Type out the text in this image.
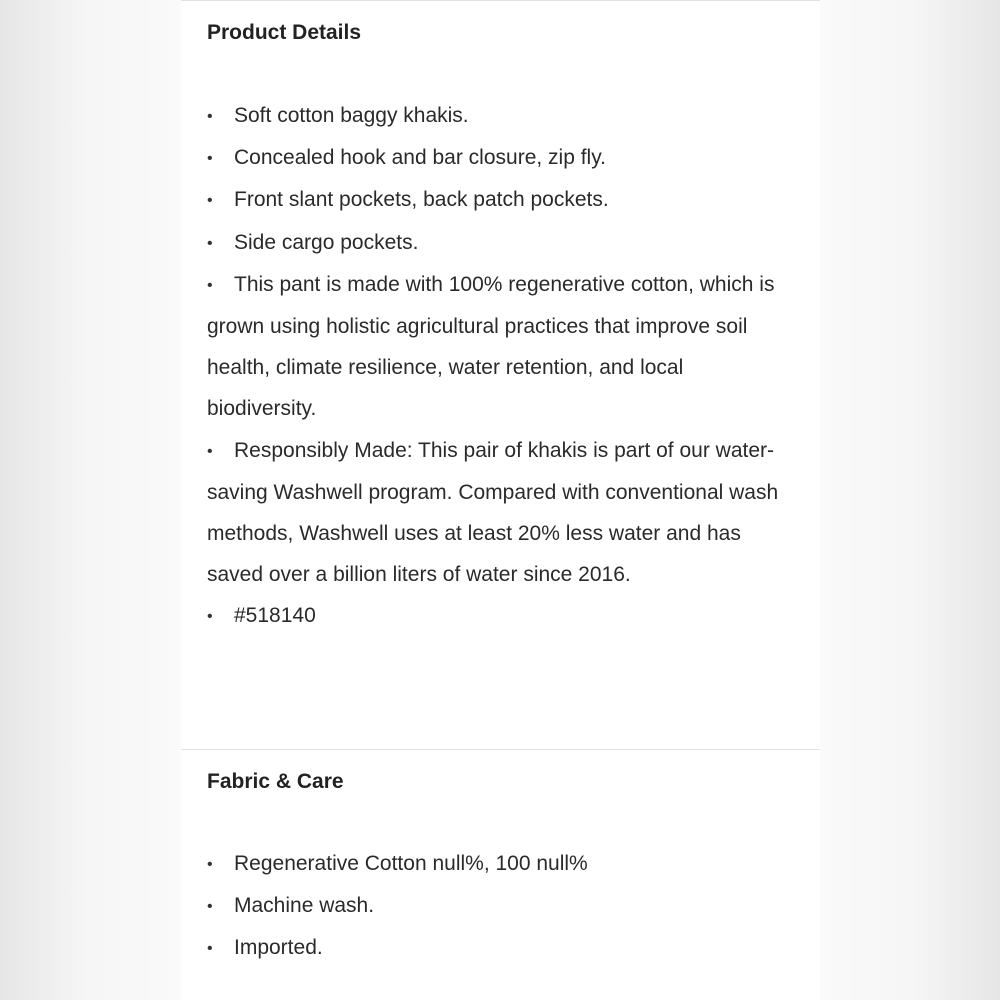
Product Details
• Soft cotton baggy khakis.
• Concealed hook and bar closure, zip fly.
• Front slant pockets, back patch pockets.
• Side cargo pockets.
• This pant is made with 100% regenerative cotton, which is grown using holistic agricultural practices that improve soil health, climate resilience, water retention, and local biodiversity.
• Responsibly Made: This pair of khakis is part of our water-saving Washwell program. Compared with conventional wash methods, Washwell uses at least 20% less water and has saved over a billion liters of water since 2016.
• #518140
Fabric & Care
• Regenerative Cotton null%, 100 null%
• Machine wash.
• Imported.
